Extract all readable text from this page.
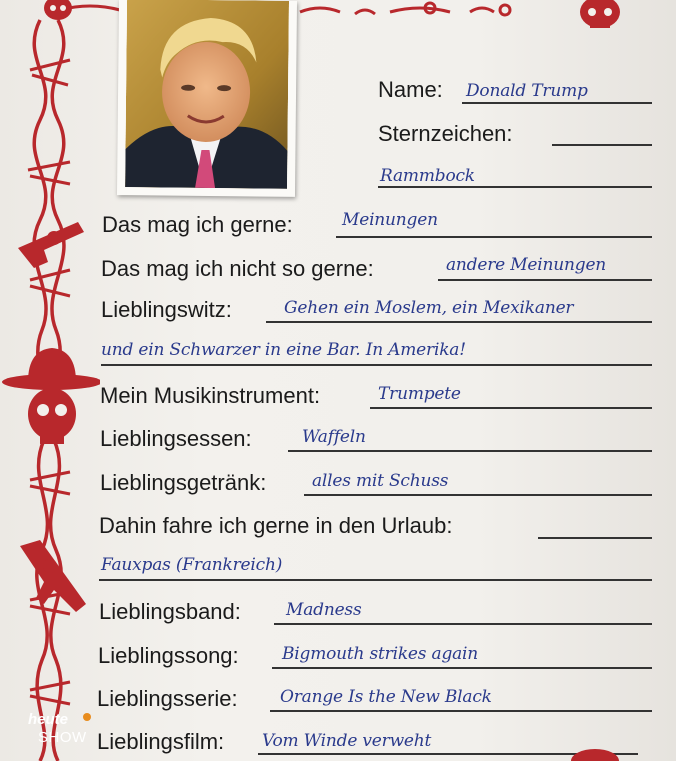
Name: Donald Trump
Sternzeichen:
Rammbock
Das mag ich gerne:	Meinungen
Das mag ich nicht so gerne:	andere Meinungen
Lieblingswitz:	Gehen ein Moslem, ein Mexikaner
und ein Schwarzer in eine Bar. In Amerika!
Mein Musikinstrument:	Trumpete
Lieblingsessen:	Waffeln
Lieblingsgetränk:	alles mit Schuss
Dahin fahre ich gerne in den Urlaub:
Fauxpas (Frankreich)
Lieblingsband:	Madness
Lieblingssong:	Bigmouth strikes again
Lieblingsserie: Orange Is the New Black
Lieblingsfilm: Vom Winde verweht
heute
SHOW
